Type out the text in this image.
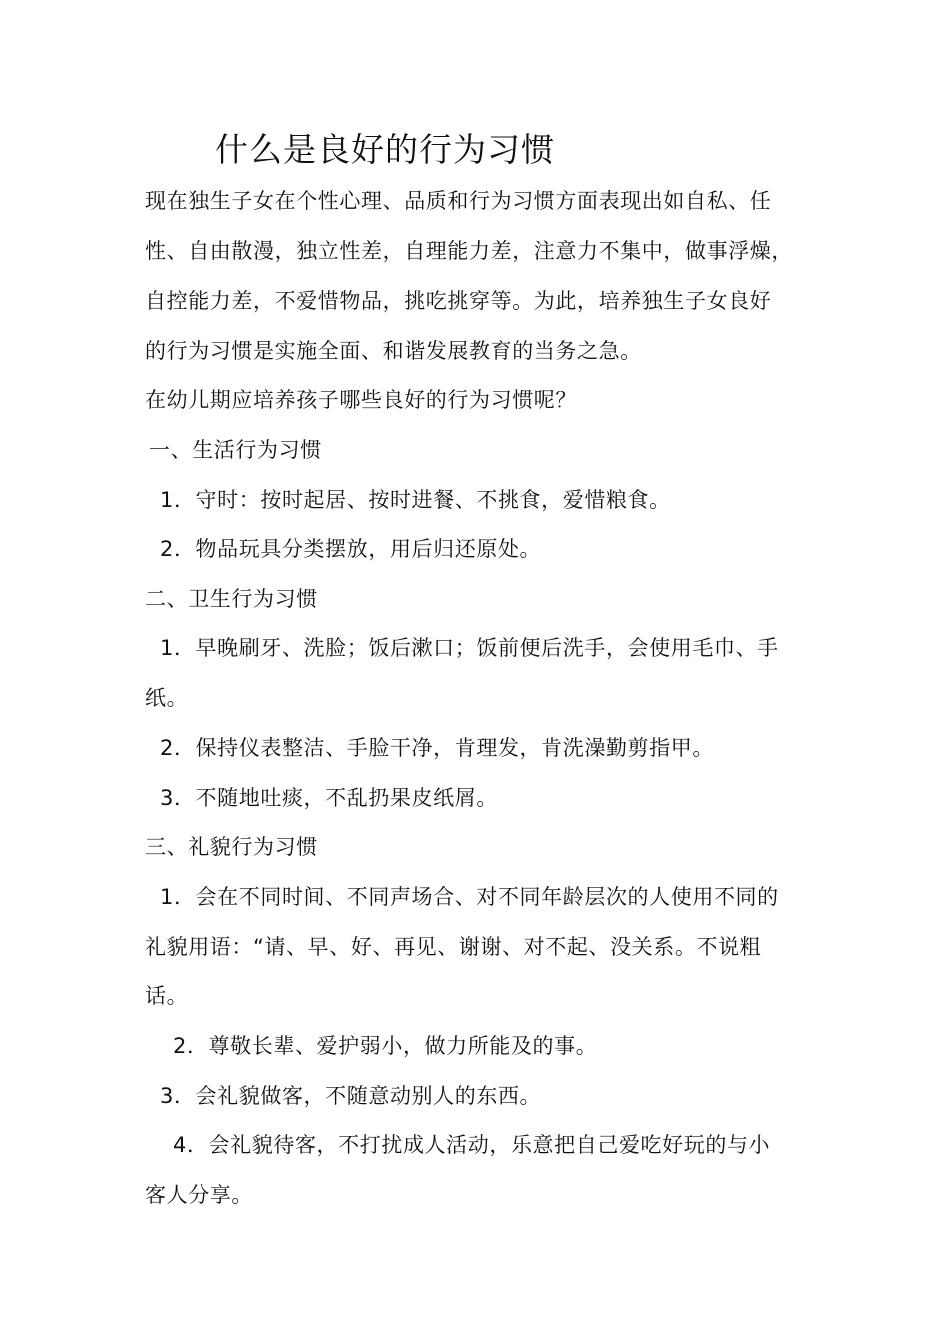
什么是良好的行为习惯
现在独生子女在个性心理、品质和行为习惯方面表现出如自私、任
性、自由散漫，独立性差，自理能力差，注意力不集中，做事浮燥，
自控能力差，不爱惜物品，挑吃挑穿等。为此，培养独生子女良好
的行为习惯是实施全面、和谐发展教育的当务之急。
在幼儿期应培养孩子哪些良好的行为习惯呢？
一、生活行为习惯
1．守时：按时起居、按时进餐、不挑食，爱惜粮食。
2．物品玩具分类摆放，用后归还原处。
二、卫生行为习惯
1．早晚刷牙、洗脸；饭后漱口；饭前便后洗手，会使用毛巾、手
纸。
2．保持仪表整洁、手脸干净，肯理发，肯洗澡勤剪指甲。
3．不随地吐痰，不乱扔果皮纸屑。
三、礼貌行为习惯
1．会在不同时间、不同声场合、对不同年龄层次的人使用不同的
礼貌用语：“请、早、好、再见、谢谢、对不起、没关系。不说粗
话。
2．尊敬长辈、爱护弱小，做力所能及的事。
3．会礼貌做客，不随意动别人的东西。
4．会礼貌待客，不打扰成人活动，乐意把自己爱吃好玩的与小
客人分享。
